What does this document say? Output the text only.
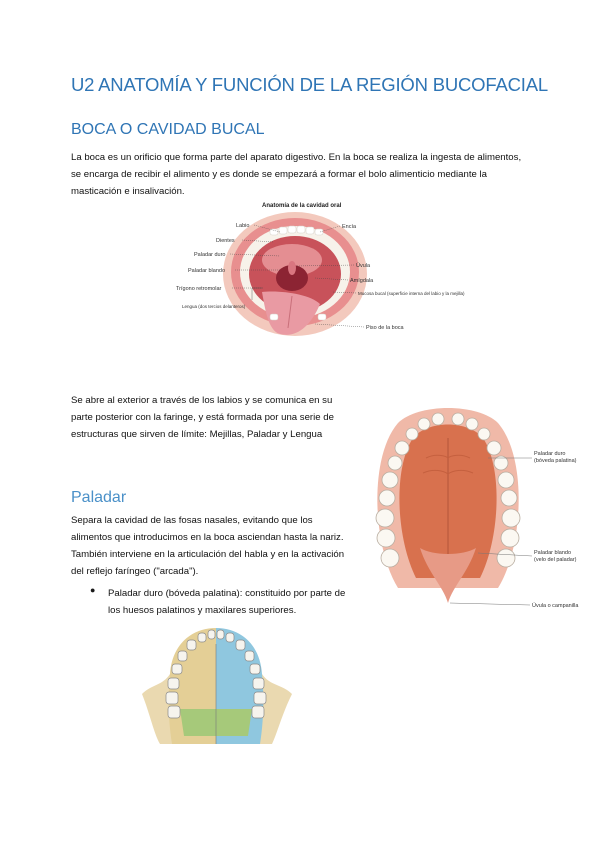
U2 ANATOMÍA Y FUNCIÓN DE LA REGIÓN BUCOFACIAL
BOCA O CAVIDAD BUCAL
La boca es un orificio que forma parte del aparato digestivo. En la boca se realiza la ingesta de alimentos, se encarga de recibir el alimento y es donde se empezará a formar el bolo alimenticio mediante la masticación e insalivación.
Anatomía de la cavidad oral
Labio	Encía
Dientes
Paladar duro
Paladar blando
Úvula
Trígono retromolar
Amígdala
Mucosa bucal (superficie interna del labio y la mejilla)
Lengua (dos tercios delanteros)
Piso de la boca
Se abre al exterior a través de los labios y se comunica en su parte posterior con la faringe, y está formada por una serie de estructuras que sirven de límite: Mejillas, Paladar y Lengua
Paladar duro
(bóveda palatina)
Paladar blando
(velo del paladar)
Úvula o campanilla
Paladar
Separa la cavidad de las fosas nasales, evitando que los alimentos que introducimos en la boca asciendan hasta la nariz. También interviene en la articulación del habla y en la activación del reflejo faríngeo ("arcada").
● Paladar duro (bóveda palatina): constituido por parte de los huesos palatinos y maxilares superiores.
